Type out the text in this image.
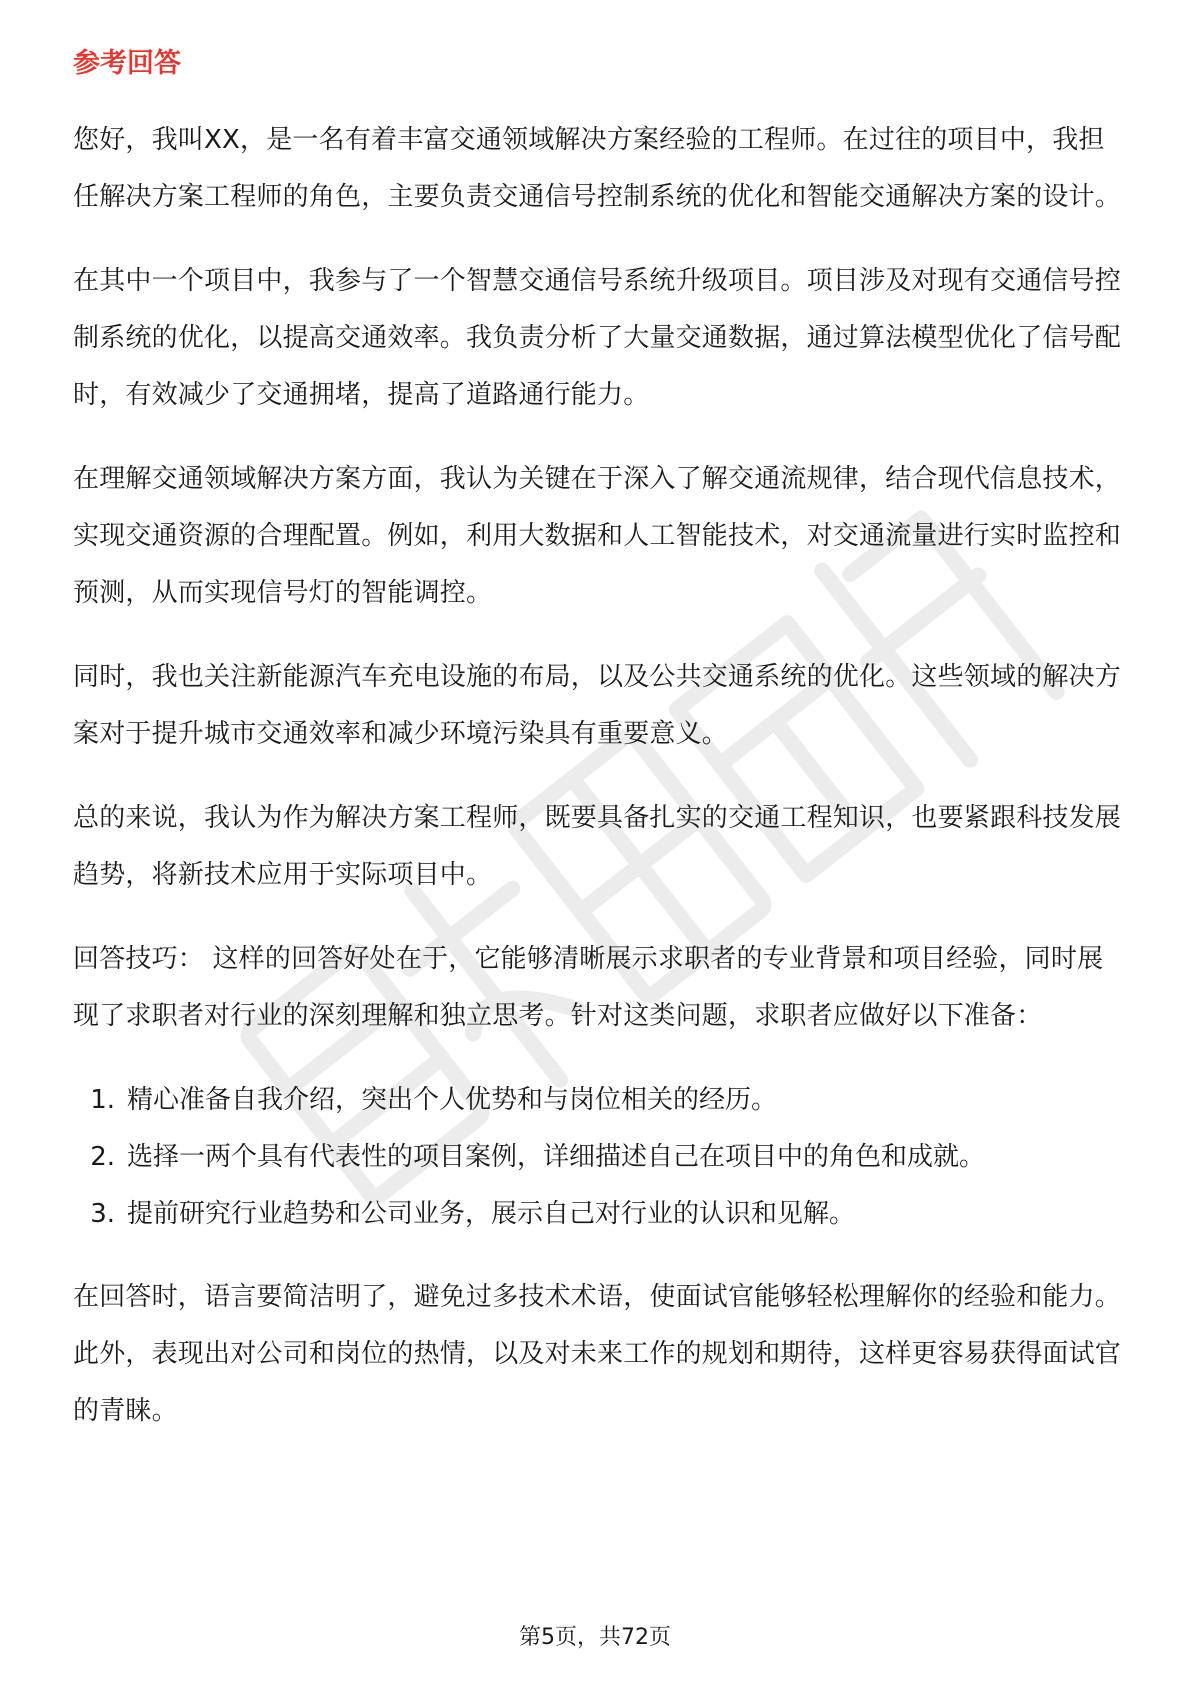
参考回答

您好，我叫XX，是一名有着丰富交通领域解决方案经验的工程师。在过往的项目中，我担任解决方案工程师的角色，主要负责交通信号控制系统的优化和智能交通解决方案的设计。

在其中一个项目中，我参与了一个智慧交通信号系统升级项目。项目涉及对现有交通信号控制系统的优化，以提高交通效率。我负责分析了大量交通数据，通过算法模型优化了信号配时，有效减少了交通拥堵，提高了道路通行能力。

在理解交通领域解决方案方面，我认为关键在于深入了解交通流规律，结合现代信息技术，实现交通资源的合理配置。例如，利用大数据和人工智能技术，对交通流量进行实时监控和预测，从而实现信号灯的智能调控。

同时，我也关注新能源汽车充电设施的布局，以及公共交通系统的优化。这些领域的解决方案对于提升城市交通效率和减少环境污染具有重要意义。

总的来说，我认为作为解决方案工程师，既要具备扎实的交通工程知识，也要紧跟科技发展趋势，将新技术应用于实际项目中。

回答技巧： 这样的回答好处在于，它能够清晰展示求职者的专业背景和项目经验，同时展现了求职者对行业的深刻理解和独立思考。针对这类问题，求职者应做好以下准备：

1. 精心准备自我介绍，突出个人优势和与岗位相关的经历。
2. 选择一两个具有代表性的项目案例，详细描述自己在项目中的角色和成就。
3. 提前研究行业趋势和公司业务，展示自己对行业的认识和见解。

在回答时，语言要简洁明了，避免过多技术术语，使面试官能够轻松理解你的经验和能力。此外，表现出对公司和岗位的热情，以及对未来工作的规划和期待，这样更容易获得面试官的青睐。

第5页，共72页
